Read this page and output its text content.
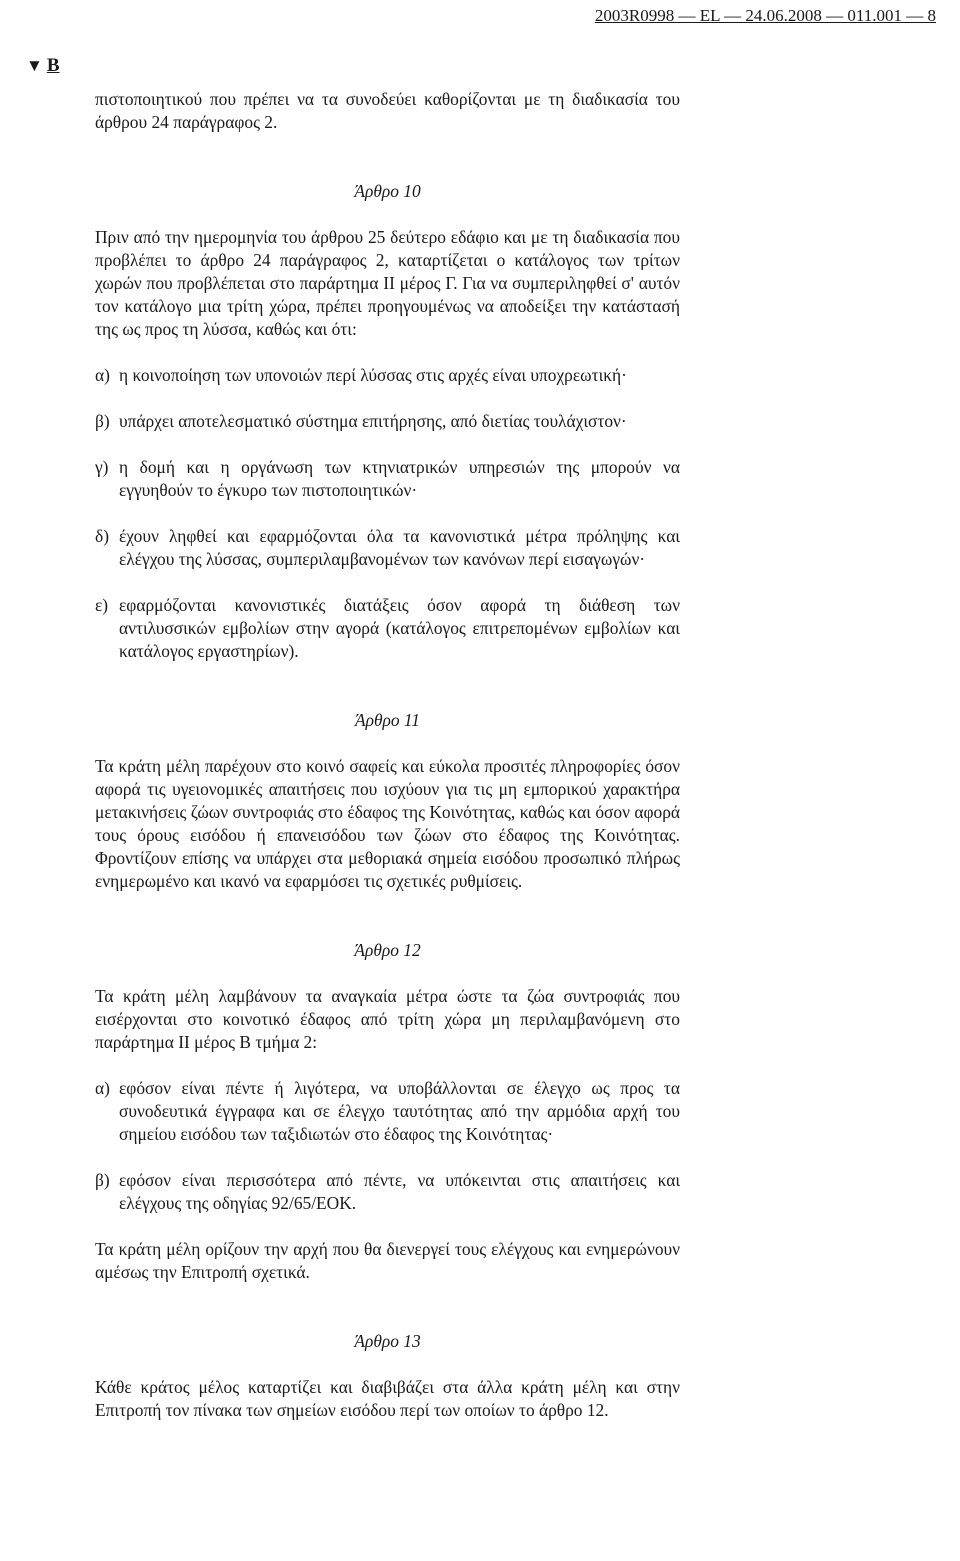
2003R0998 — EL — 24.06.2008 — 011.001 — 8
▼ B

πιστοποιητικού που πρέπει να τα συνοδεύει καθορίζονται με τη διαδικασία του άρθρου 24 παράγραφος 2.

Άρθρο 10

Πριν από την ημερομηνία του άρθρου 25 δεύτερο εδάφιο και με τη διαδικασία που προβλέπει το άρθρο 24 παράγραφος 2, καταρτίζεται ο κατάλογος των τρίτων χωρών που προβλέπεται στο παράρτημα II μέρος Γ. Για να συμπεριληφθεί σ' αυτόν τον κατάλογο μια τρίτη χώρα, πρέπει προηγουμένως να αποδείξει την κατάστασή της ως προς τη λύσσα, καθώς και ότι:

α) η κοινοποίηση των υπονοιών περί λύσσας στις αρχές είναι υποχρεωτική·
β) υπάρχει αποτελεσματικό σύστημα επιτήρησης, από διετίας τουλάχιστον·
γ) η δομή και η οργάνωση των κτηνιατρικών υπηρεσιών της μπορούν να εγγυηθούν το έγκυρο των πιστοποιητικών·
δ) έχουν ληφθεί και εφαρμόζονται όλα τα κανονιστικά μέτρα πρόληψης και ελέγχου της λύσσας, συμπεριλαμβανομένων των κανόνων περί εισαγωγών·
ε) εφαρμόζονται κανονιστικές διατάξεις όσον αφορά τη διάθεση των αντιλυσσικών εμβολίων στην αγορά (κατάλογος επιτρεπομένων εμβολίων και κατάλογος εργαστηρίων).
Άρθρο 11

Τα κράτη μέλη παρέχουν στο κοινό σαφείς και εύκολα προσιτές πληροφορίες όσον αφορά τις υγειονομικές απαιτήσεις που ισχύουν για τις μη εμπορικού χαρακτήρα μετακινήσεις ζώων συντροφιάς στο έδαφος της Κοινότητας, καθώς και όσον αφορά τους όρους εισόδου ή επανεισόδου των ζώων στο έδαφος της Κοινότητας. Φροντίζουν επίσης να υπάρχει στα μεθοριακά σημεία εισόδου προσωπικό πλήρως ενημερωμένο και ικανό να εφαρμόσει τις σχετικές ρυθμίσεις.

Άρθρο 12

Τα κράτη μέλη λαμβάνουν τα αναγκαία μέτρα ώστε τα ζώα συντροφιάς που εισέρχονται στο κοινοτικό έδαφος από τρίτη χώρα μη περιλαμβανόμενη στο παράρτημα II μέρος Β τμήμα 2:

α) εφόσον είναι πέντε ή λιγότερα, να υποβάλλονται σε έλεγχο ως προς τα συνοδευτικά έγγραφα και σε έλεγχο ταυτότητας από την αρμόδια αρχή του σημείου εισόδου των ταξιδιωτών στο έδαφος της Κοινότητας·
β) εφόσον είναι περισσότερα από πέντε, να υπόκεινται στις απαιτήσεις και ελέγχους της οδηγίας 92/65/ΕΟΚ.

Τα κράτη μέλη ορίζουν την αρχή που θα διενεργεί τους ελέγχους και ενημερώνουν αμέσως την Επιτροπή σχετικά.

Άρθρο 13

Κάθε κράτος μέλος καταρτίζει και διαβιβάζει στα άλλα κράτη μέλη και στην Επιτροπή τον πίνακα των σημείων εισόδου περί των οποίων το άρθρο 12.
